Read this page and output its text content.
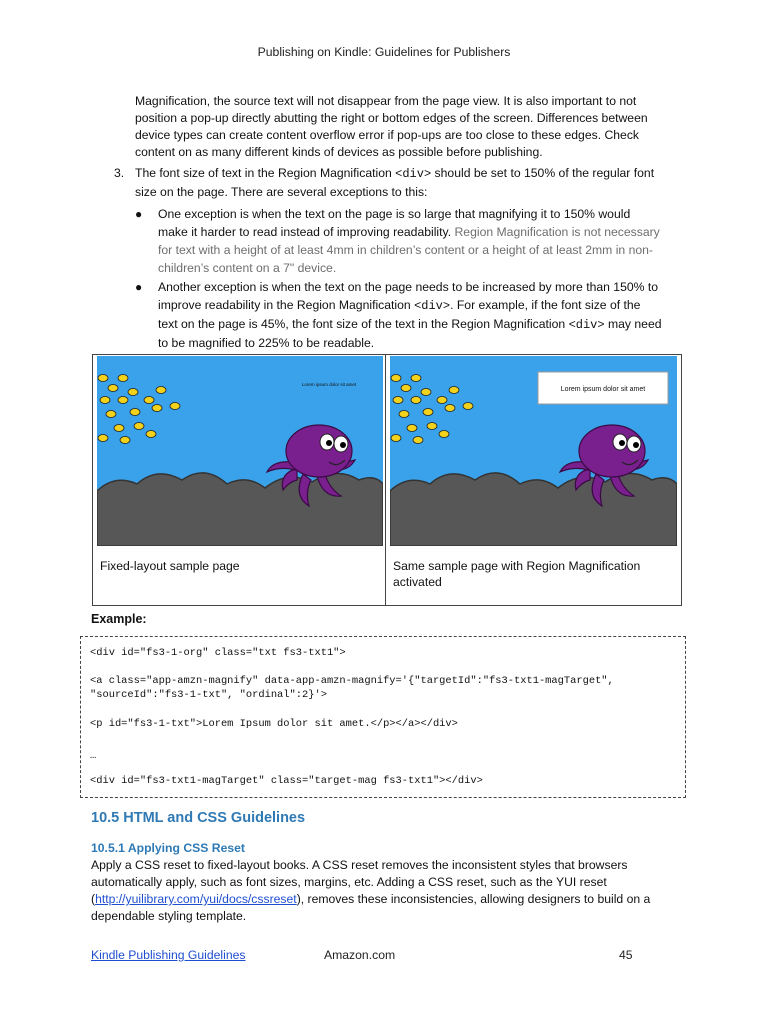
Publishing on Kindle: Guidelines for Publishers
Magnification, the source text will not disappear from the page view. It is also important to not
position a pop-up directly abutting the right or bottom edges of the screen. Differences between
device types can create content overflow error if pop-ups are too close to these edges. Check
content on as many different kinds of devices as possible before publishing.
3. The font size of text in the Region Magnification <div> should be set to 150% of the regular font
size on the page. There are several exceptions to this:
● One exception is when the text on the page is so large that magnifying it to 150% would
make it harder to read instead of improving readability. Region Magnification is not necessary
for text with a height of at least 4mm in children’s content or a height of at least 2mm in non-
children’s content on a 7" device.
● Another exception is when the text on the page needs to be increased by more than 150% to
improve readability in the Region Magnification <div>. For example, if the font size of the
text on the page is 45%, the font size of the text in the Region Magnification <div> may need
to be magnified to 225% to be readable.
Lorem ipsum dolor sit amet
Fixed-layout sample page
Lorem ipsum dolor sit amet
Same sample page with Region Magnification
activated
Example:
<div id="fs3-1-org" class="txt fs3-txt1">
<a class="app-amzn-magnify" data-app-amzn-magnify='{"targetId":"fs3-txt1-magTarget",
"sourceId":"fs3-1-txt", "ordinal":2}'>
<p id="fs3-1-txt">Lorem Ipsum dolor sit amet.</p></a></div>
…
<div id="fs3-txt1-magTarget" class="target-mag fs3-txt1"></div>
10.5 HTML and CSS Guidelines
10.5.1 Applying CSS Reset
Apply a CSS reset to fixed-layout books. A CSS reset removes the inconsistent styles that browsers
automatically apply, such as font sizes, margins, etc. Adding a CSS reset, such as the YUI reset
(http://yuilibrary.com/yui/docs/cssreset), removes these inconsistencies, allowing designers to build on a
dependable styling template.
Kindle Publishing Guidelines	Amazon.com	45
